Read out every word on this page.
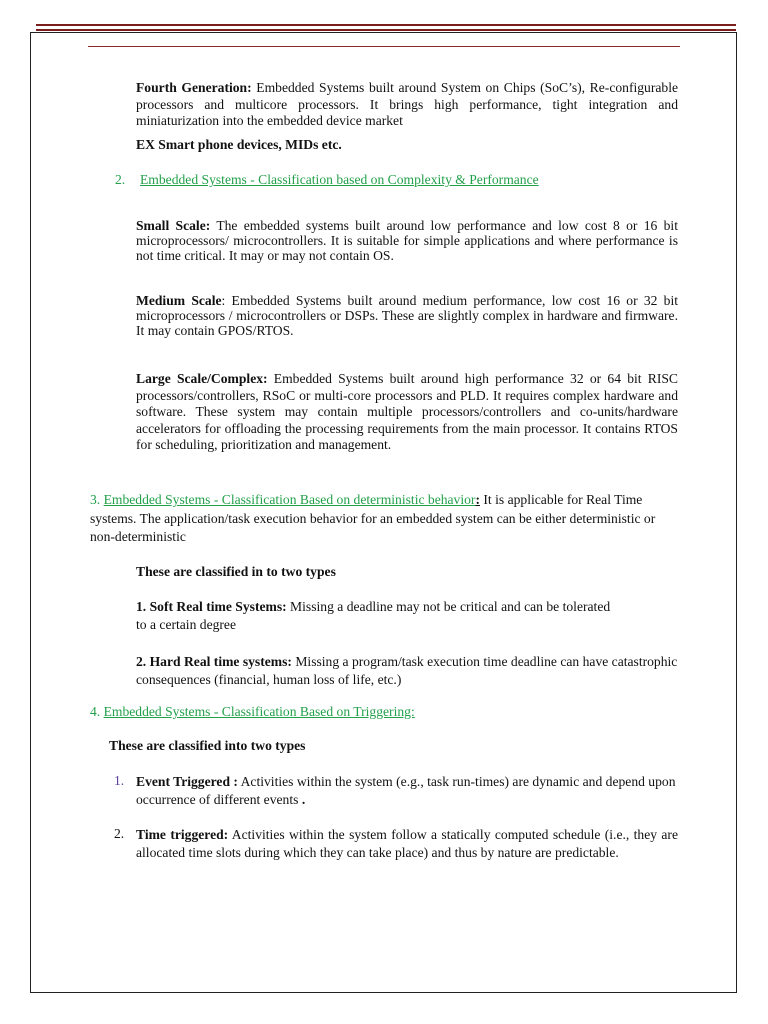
Fourth Generation: Embedded Systems built around System on Chips (SoC’s), Re-configurable processors and multicore processors. It brings high performance, tight integration and miniaturization into the embedded device market

EX Smart phone devices, MIDs etc.

2. Embedded Systems - Classification based on Complexity & Performance

Small Scale: The embedded systems built around low performance and low cost 8 or 16 bit microprocessors/ microcontrollers. It is suitable for simple applications and where performance is not time critical. It may or may not contain OS.

Medium Scale: Embedded Systems built around medium performance, low cost 16 or 32 bit microprocessors / microcontrollers or DSPs. These are slightly complex in hardware and firmware. It may contain GPOS/RTOS.

Large Scale/Complex: Embedded Systems built around high performance 32 or 64 bit RISC processors/controllers, RSoC or multi-core processors and PLD. It requires complex hardware and software. These system may contain multiple processors/controllers and co-units/hardware accelerators for offloading the processing requirements from the main processor. It contains RTOS for scheduling, prioritization and management.

3. Embedded Systems - Classification Based on deterministic behavior: It is applicable for Real Time systems. The application/task execution behavior for an embedded system can be either deterministic or non-deterministic

These are classified in to two types

1. Soft Real time Systems: Missing a deadline may not be critical and can be tolerated to a certain degree

2. Hard Real time systems: Missing a program/task execution time deadline can have catastrophic consequences (financial, human loss of life, etc.)

4. Embedded Systems - Classification Based on Triggering:

These are classified into two types

1. Event Triggered : Activities within the system (e.g., task run-times) are dynamic and depend upon occurrence of different events .

2. Time triggered: Activities within the system follow a statically computed schedule (i.e., they are allocated time slots during which they can take place) and thus by nature are predictable.
